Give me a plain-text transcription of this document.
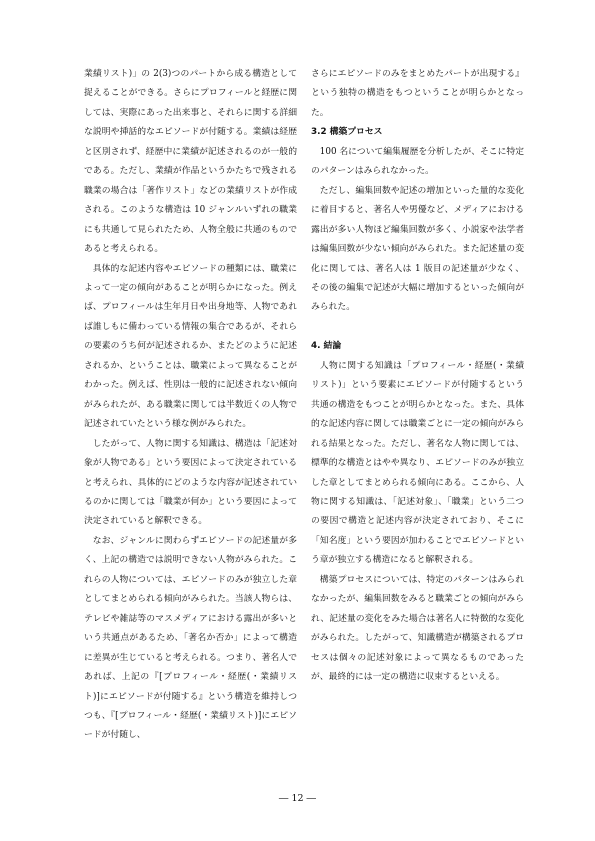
業績リスト)」の 2(3)つのパートから成る構造として捉えることができる。さらにプロフィールと経歴に関しては、実際にあった出来事と、それらに関する詳細な説明や挿話的なエピソードが付随する。業績は経歴と区別されず、経歴中に業績が記述されるのが一般的である。ただし、業績が作品というかたちで残される職業の場合は「著作リスト」などの業績リストが作成される。このような構造は 10 ジャンルいずれの職業にも共通して見られたため、人物全般に共通のものであると考えられる。

具体的な記述内容やエピソードの種類には、職業によって一定の傾向があることが明らかになった。例えば、プロフィールは生年月日や出身地等、人物であれば誰しもに備わっている情報の集合であるが、それらの要素のうち何が記述されるか、またどのように記述されるか、ということは、職業によって異なることがわかった。例えば、性別は一般的に記述されない傾向がみられたが、ある職業に関しては半数近くの人物で記述されていたという様な例がみられた。

したがって、人物に関する知識は、構造は「記述対象が人物である」という要因によって決定されていると考えられ、具体的にどのような内容が記述されているのかに関しては「職業が何か」という要因によって決定されていると解釈できる。

なお、ジャンルに関わらずエピソードの記述量が多く、上記の構造では説明できない人物がみられた。これらの人物については、エピソードのみが独立した章としてまとめられる傾向がみられた。当該人物らは、テレビや雑誌等のマスメディアにおける露出が多いという共通点があるため、「著名か否か」によって構造に差異が生じていると考えられる。つまり、著名人であれば、上記の『[プロフィール・経歴(・業績リスト)]にエピソードが付随する』という構造を維持しつつも、『[プロフィール・経歴(・業績リスト)]にエピソードが付随し、

さらにエピソードのみをまとめたパートが出現する』という独特の構造をもつということが明らかとなった。

3.2 構築プロセス

100 名について編集履歴を分析したが、そこに特定のパターンはみられなかった。

ただし、編集回数や記述の増加といった量的な変化に着目すると、著名人や男優など、メディアにおける露出が多い人物ほど編集回数が多く、小説家や法学者は編集回数が少ない傾向がみられた。また記述量の変化に関しては、著名人は 1 版目の記述量が少なく、その後の編集で記述が大幅に増加するといった傾向がみられた。

4. 結論

人物に関する知識は「プロフィール・経歴(・業績リスト)」という要素にエピソードが付随するという共通の構造をもつことが明らかとなった。また、具体的な記述内容に関しては職業ごとに一定の傾向がみられる結果となった。ただし、著名な人物に関しては、標準的な構造とはやや異なり、エピソードのみが独立した章としてまとめられる傾向にある。ここから、人物に関する知識は、「記述対象」、「職業」という二つの要因で構造と記述内容が決定されており、そこに「知名度」という要因が加わることでエピソードという章が独立する構造になると解釈される。

構築プロセスについては、特定のパターンはみられなかったが、編集回数をみると職業ごとの傾向がみられ、記述量の変化をみた場合は著名人に特徴的な変化がみられた。したがって、知識構造が構築されるプロセスは個々の記述対象によって異なるものであったが、最終的には一定の構造に収束するといえる。

― 12 ―
